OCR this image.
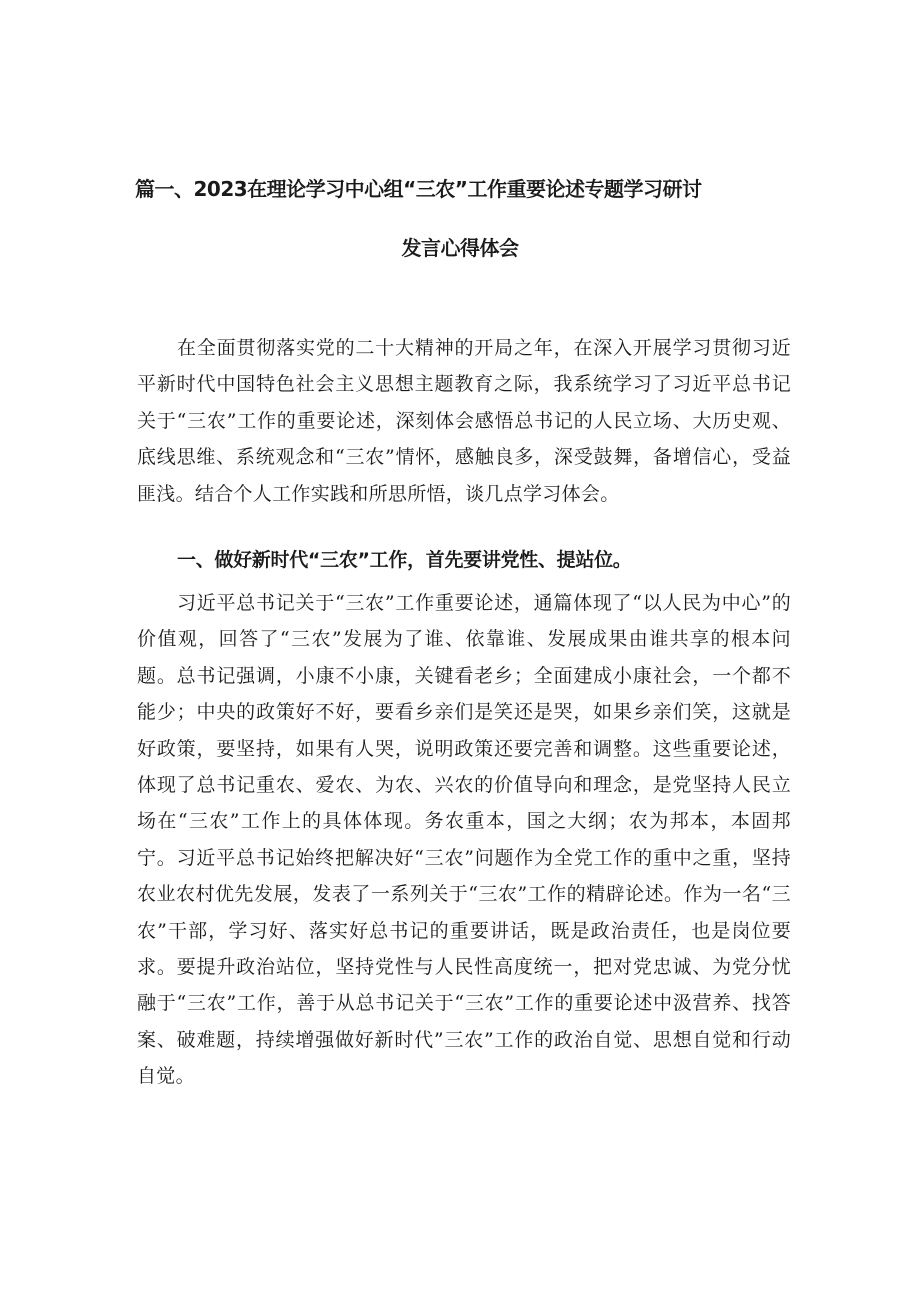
篇一、2023在理论学习中心组“三农”工作重要论述专题学习研讨
发言心得体会

在全面贯彻落实党的二十大精神的开局之年，在深入开展学习贯彻习近平新时代中国特色社会主义思想主题教育之际，我系统学习了习近平总书记关于“三农”工作的重要论述，深刻体会感悟总书记的人民立场、大历史观、底线思维、系统观念和“三农”情怀，感触良多，深受鼓舞，备增信心，受益匪浅。结合个人工作实践和所思所悟，谈几点学习体会。

一、做好新时代“三农”工作，首先要讲党性、提站位。

习近平总书记关于“三农”工作重要论述，通篇体现了“以人民为中心”的价值观，回答了“三农”发展为了谁、依靠谁、发展成果由谁共享的根本问题。总书记强调，小康不小康，关键看老乡；全面建成小康社会，一个都不能少；中央的政策好不好，要看乡亲们是笑还是哭，如果乡亲们笑，这就是好政策，要坚持，如果有人哭，说明政策还要完善和调整。这些重要论述，体现了总书记重农、爱农、为农、兴农的价值导向和理念，是党坚持人民立场在“三农”工作上的具体体现。务农重本，国之大纲；农为邦本，本固邦宁。习近平总书记始终把解决好“三农”问题作为全党工作的重中之重，坚持农业农村优先发展，发表了一系列关于“三农”工作的精辟论述。作为一名“三农”干部，学习好、落实好总书记的重要讲话，既是政治责任，也是岗位要求。要提升政治站位，坚持党性与人民性高度统一，把对党忠诚、为党分忧融于“三农”工作，善于从总书记关于“三农”工作的重要论述中汲营养、找答案、破难题，持续增强做好新时代”三农”工作的政治自觉、思想自觉和行动自觉。
